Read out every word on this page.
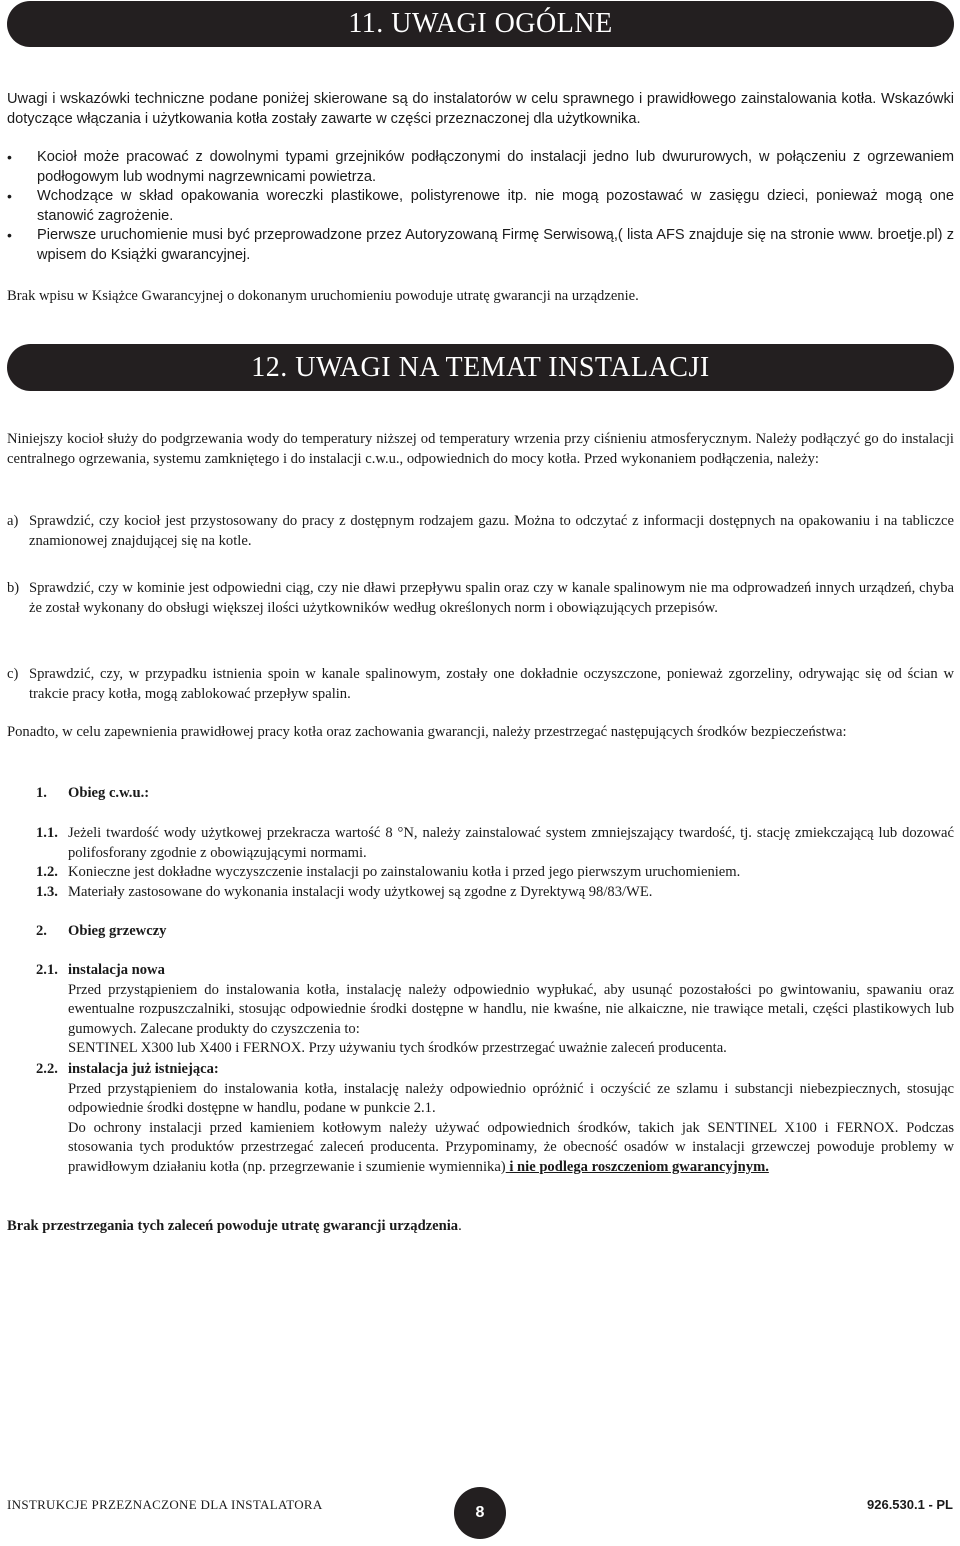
11. UWAGI OGÓLNE

Uwagi i wskazówki techniczne podane poniżej skierowane są do instalatorów w celu sprawnego i prawidłowego zainstalowania kotła. Wskazówki dotyczące włączania i użytkowania kotła zostały zawarte w części przeznaczonej dla użytkownika.

• Kocioł może pracować z dowolnymi typami grzejników podłączonymi do instalacji jedno lub dwururowych, w połączeniu z ogrzewaniem podłogowym lub wodnymi nagrzewnicami powietrza.
• Wchodzące w skład opakowania woreczki plastikowe, polistyrenowe itp. nie mogą pozostawać w zasięgu dzieci, ponieważ mogą one stanowić zagrożenie.
• Pierwsze uruchomienie musi być przeprowadzone przez Autoryzowaną Firmę Serwisową,( lista AFS znajduje się na stronie www. broetje.pl) z wpisem do Książki gwarancyjnej.

Brak wpisu w Książce Gwarancyjnej o dokonanym uruchomieniu powoduje utratę gwarancji na urządzenie.

12. UWAGI NA TEMAT INSTALACJI

Niniejszy kocioł służy do podgrzewania wody do temperatury niższej od temperatury wrzenia przy ciśnieniu atmosferycznym. Należy podłączyć go do instalacji centralnego ogrzewania, systemu zamkniętego i do instalacji c.w.u., odpowiednich do mocy kotła. Przed wykonaniem podłączenia, należy:

a) Sprawdzić, czy kocioł jest przystosowany do pracy z dostępnym rodzajem gazu. Można to odczytać z informacji dostępnych na opakowaniu i na tabliczce znamionowej znajdującej się na kotle.
b) Sprawdzić, czy w kominie jest odpowiedni ciąg, czy nie dławi przepływu spalin oraz czy w kanale spalinowym nie ma odprowadzeń innych urządzeń, chyba że został wykonany do obsługi większej ilości użytkowników według określonych norm i obowiązujących przepisów.
c) Sprawdzić, czy, w przypadku istnienia spoin w kanale spalinowym, zostały one dokładnie oczyszczone, ponieważ zgorzeliny, odrywając się od ścian w trakcie pracy kotła, mogą zablokować przepływ spalin.

Ponadto, w celu zapewnienia prawidłowej pracy kotła oraz zachowania gwarancji, należy przestrzegać następujących środków bezpieczeństwa:

1.	Obieg c.w.u.:
1.1. Jeżeli twardość wody użytkowej przekracza wartość 8 °N, należy zainstalować system zmniejszający twardość, tj. stację zmiekczającą lub dozować polifosforany zgodnie z obowiązującymi normami.
1.2. Konieczne jest dokładne wyczyszczenie instalacji po zainstalowaniu kotła i przed jego pierwszym uruchomieniem.
1.3. Materiały zastosowane do wykonania instalacji wody użytkowej są zgodne z Dyrektywą 98/83/WE.
2.	Obieg grzewczy
2.1. instalacja nowa
Przed przystąpieniem do instalowania kotła, instalację należy odpowiednio wypłukać, aby usunąć pozostałości po gwintowaniu, spawaniu oraz ewentualne rozpuszczalniki, stosując odpowiednie środki dostępne w handlu, nie kwaśne, nie alkaiczne, nie trawiące metali, części plastikowych lub gumowych. Zalecane produkty do czyszczenia to:
SENTINEL X300 lub X400 i FERNOX. Przy używaniu tych środków przestrzegać uważnie zaleceń producenta.
2.2. instalacja już istniejąca:
Przed przystąpieniem do instalowania kotła, instalację należy odpowiednio opróżnić i oczyścić ze szlamu i substancji niebezpiecznych, stosując odpowiednie środki dostępne w handlu, podane w punkcie 2.1.
Do ochrony instalacji przed kamieniem kotłowym należy używać odpowiednich środków, takich jak SENTINEL X100 i FERNOX. Podczas stosowania tych produktów przestrzegać zaleceń producenta. Przypominamy, że obecność osadów w instalacji grzewczej powoduje problemy w prawidłowym działaniu kotła (np. przegrzewanie i szumienie wymiennika) i nie podlega roszczeniom gwarancyjnym.

Brak przestrzegania tych zaleceń powoduje utratę gwarancji urządzenia.

INSTRUKCJE PRZEZNACZONE DLA INSTALATORA	8	926.530.1 - PL
